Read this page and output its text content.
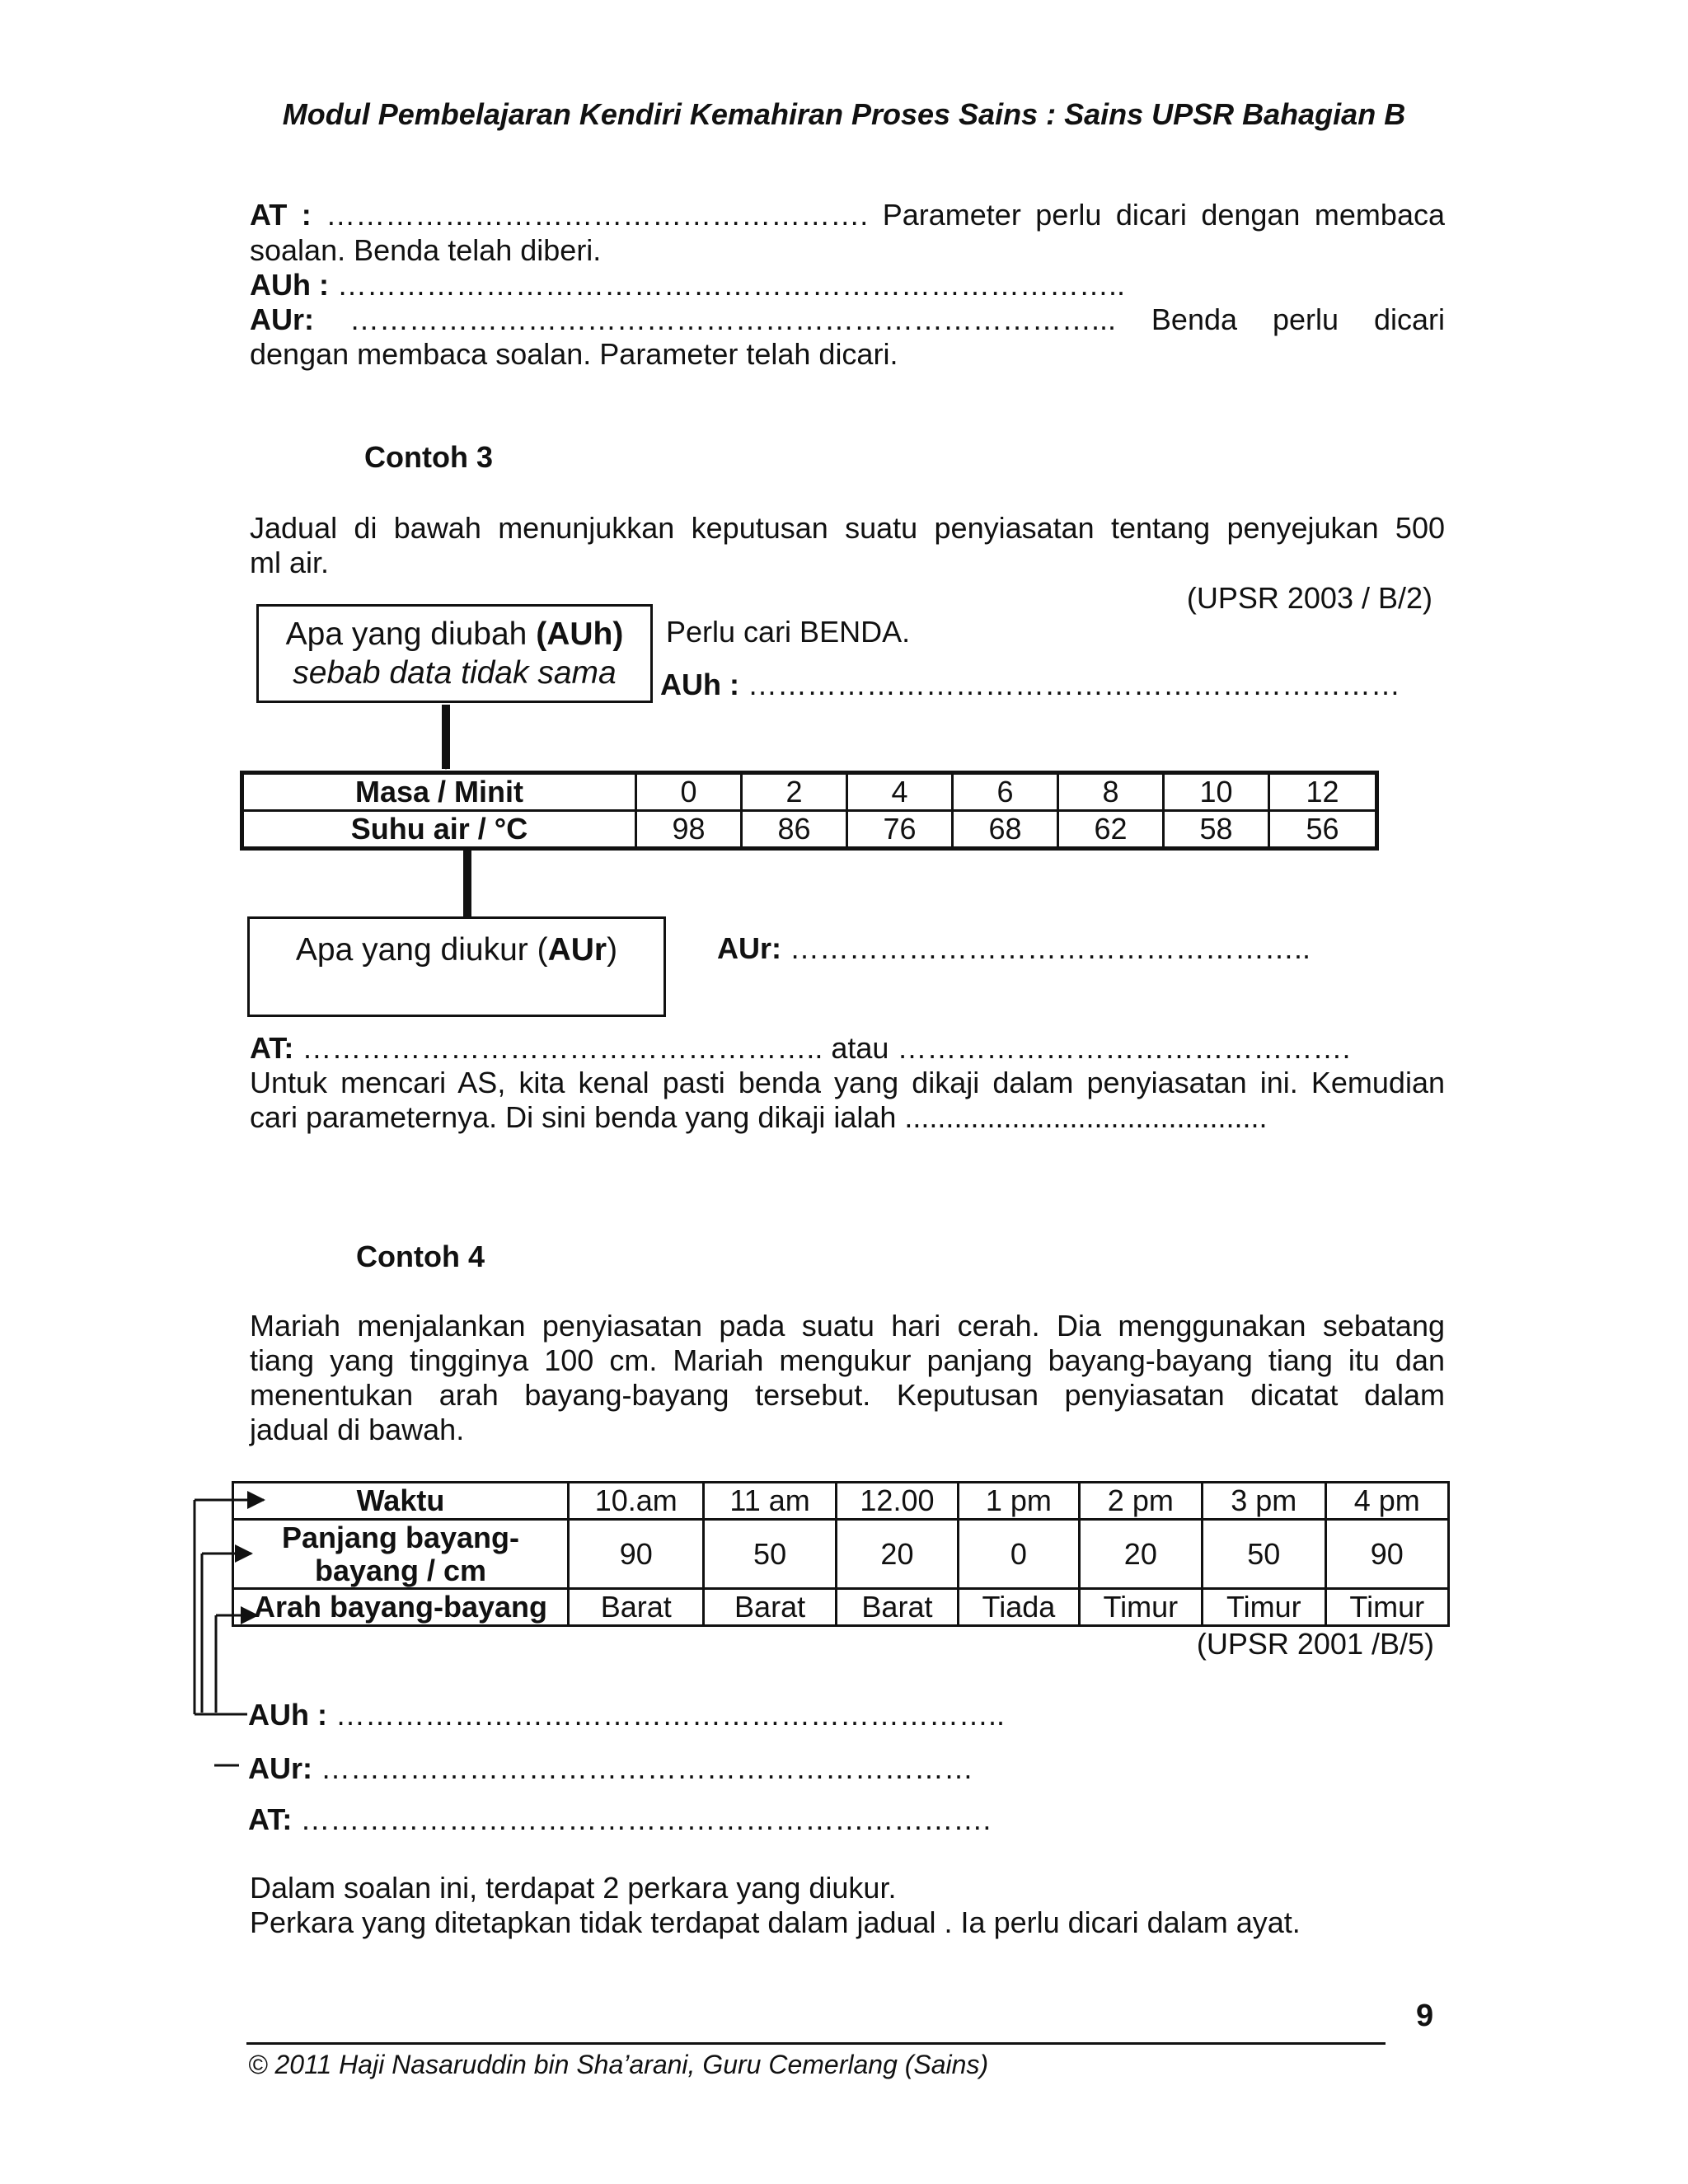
Modul Pembelajaran Kendiri Kemahiran Proses Sains : Sains UPSR Bahagian B
AT : ………………………………………………. Parameter perlu dicari dengan membaca
soalan. Benda telah diberi.
AUh : ……………………………………………………………………..
AUr: …………………………………………………………………... Benda perlu dicari
dengan membaca soalan. Parameter telah dicari.
Contoh 3
Jadual di bawah menunjukkan keputusan suatu penyiasatan tentang penyejukan 500
ml air.
(UPSR 2003 / B/2)
Apa yang diubah (AUh)
sebab data tidak sama
Perlu cari BENDA.
AUh : …………………………………………………………
Masa / Minit	0	2	4	6	8	10	12
Suhu air / °C	98	86	76	68	62	58	56
Apa yang diukur (AUr)	AUr: ……………………………………………..
AT: …………………………………………….. atau ……………………………………….
Untuk mencari AS, kita kenal pasti benda yang dikaji dalam penyiasatan ini. Kemudian
cari parameternya. Di sini benda yang dikaji ialah ............................................
Contoh 4
Mariah menjalankan penyiasatan pada suatu hari cerah. Dia menggunakan sebatang
tiang yang tingginya 100 cm. Mariah mengukur panjang bayang-bayang tiang itu dan
menentukan arah bayang-bayang tersebut. Keputusan penyiasatan dicatat dalam
jadual di bawah.
Waktu	10.am	11 am	12.00	1 pm	2 pm	3 pm	4 pm

Panjang bayang-
bayang / cm	90	50	20	0	20	50	90
Arah bayang-bayang	Barat	Barat	Barat	Tiada	Timur	Timur	Timur
(UPSR 2001 /B/5)
AUh : …………………………………………………………..
AUr: …………………………………………………………
AT: …………………………………………………………….
Dalam soalan ini, terdapat 2 perkara yang diukur.
Perkara yang ditetapkan tidak terdapat dalam jadual . Ia perlu dicari dalam ayat.
9
© 2011 Haji Nasaruddin bin Sha’arani, Guru Cemerlang (Sains)
